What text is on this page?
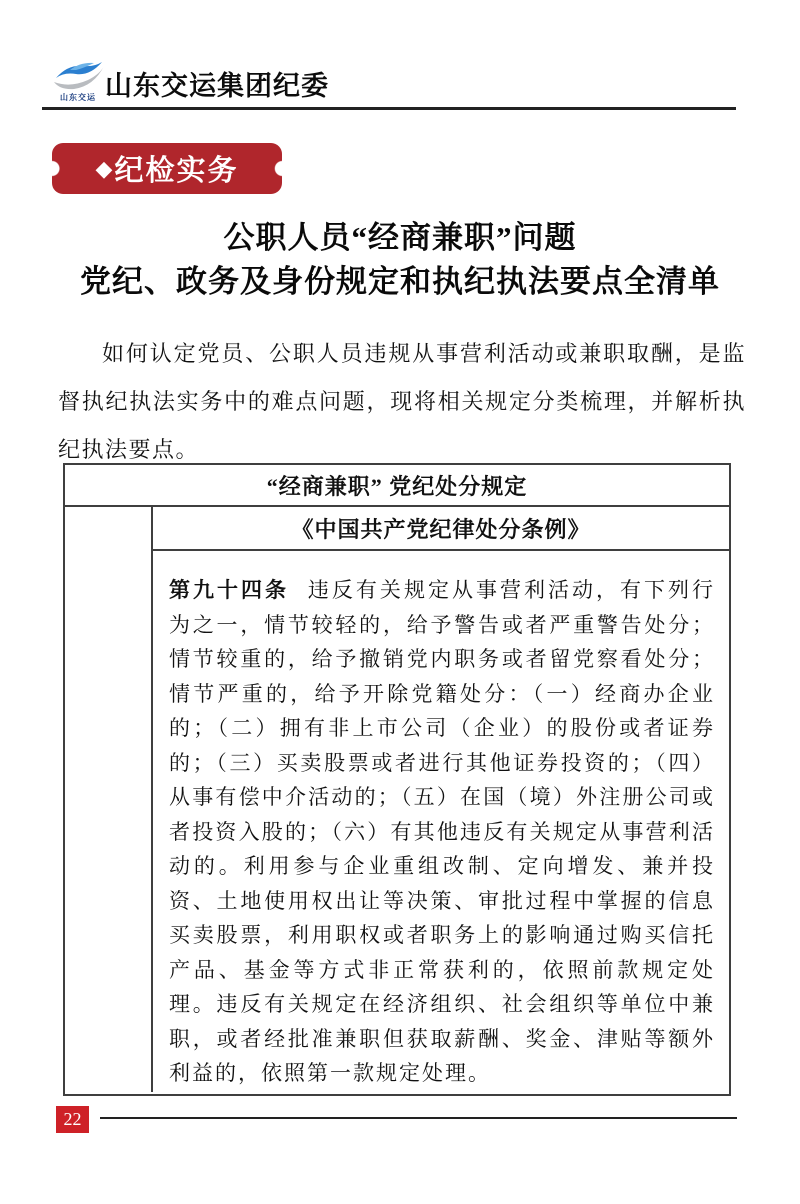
山东交运 山东交运集团纪委
◆ 纪检实务
公职人员“经商兼职”问题
党纪、政务及身份规定和执纪执法要点全清单

如何认定党员、公职人员违规从事营利活动或兼职取酬，是监督执纪执法实务中的难点问题，现将相关规定分类梳理，并解析执纪执法要点。

“经商兼职” 党纪处分规定
《中国共产党纪律处分条例》
第九十四条 违反有关规定从事营利活动，有下列行为之一，情节较轻的，给予警告或者严重警告处分；情节较重的，给予撤销党内职务或者留党察看处分；情节严重的，给予开除党籍处分：（一）经商办企业的；（二）拥有非上市公司（企业）的股份或者证券的；（三）买卖股票或者进行其他证券投资的；（四）从事有偿中介活动的；（五）在国（境）外注册公司或者投资入股的；（六）有其他违反有关规定从事营利活动的。利用参与企业重组改制、定向增发、兼并投资、土地使用权出让等决策、审批过程中掌握的信息买卖股票，利用职权或者职务上的影响通过购买信托产品、基金等方式非正常获利的，依照前款规定处理。违反有关规定在经济组织、社会组织等单位中兼职，或者经批准兼职但获取薪酬、奖金、津贴等额外利益的，依照第一款规定处理。
22
